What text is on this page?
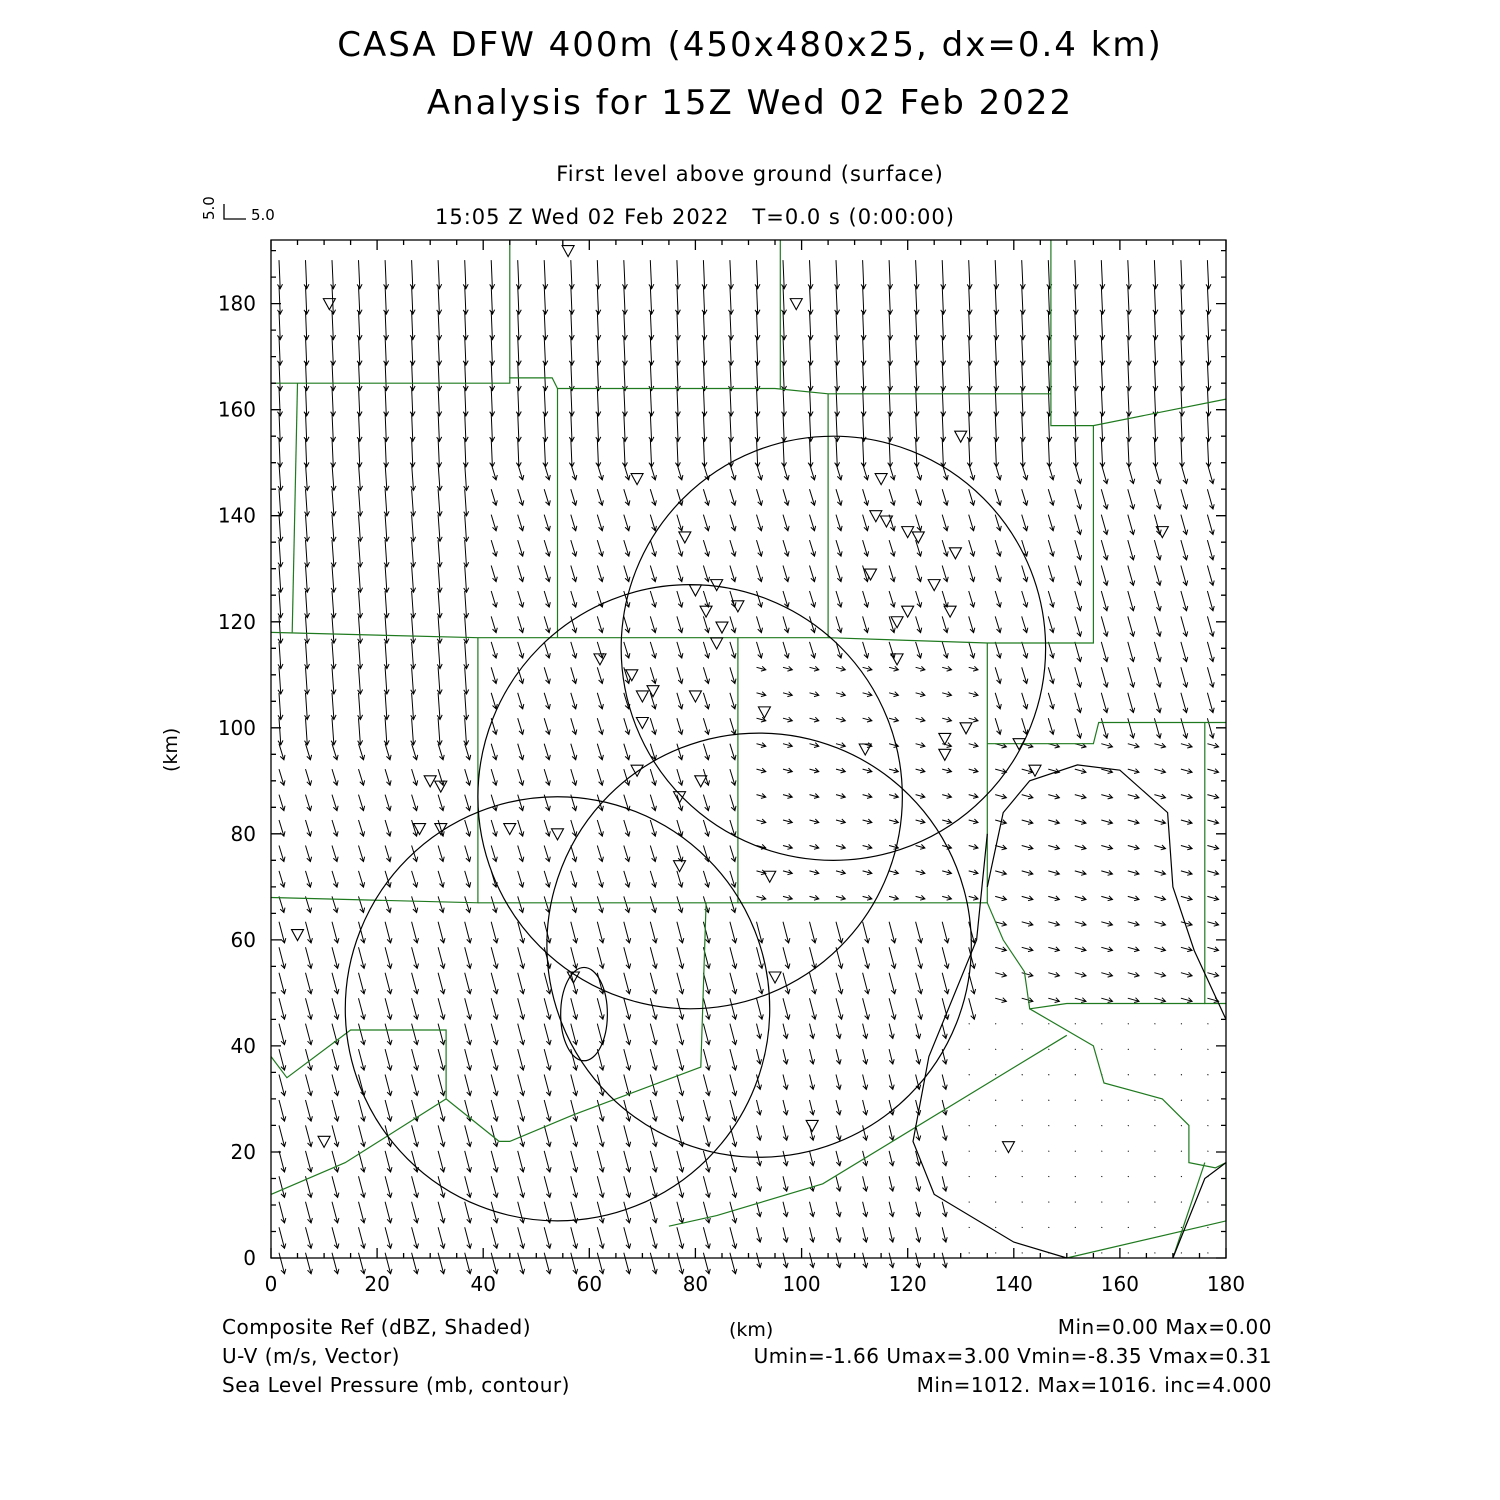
CASA DFW 400m (450x480x25, dx=0.4 km)
Analysis for 15Z Wed 02 Feb 2022
First level above ground (surface)
15:05 Z Wed 02 Feb 2022   T=0.0 s (0:00:00)
0	20	40	60	80	100	120	140	160	180
0
20
40
60
80
100
120
140
160
180
5.0 5.0
(km)
(km)
Composite Ref (dBZ, Shaded)	Min=0.00 Max=0.00
U-V (m/s, Vector)	Umin=-1.66 Umax=3.00 Vmin=-8.35 Vmax=0.31
Sea Level Pressure (mb, contour)	Min=1012. Max=1016. inc=4.000
